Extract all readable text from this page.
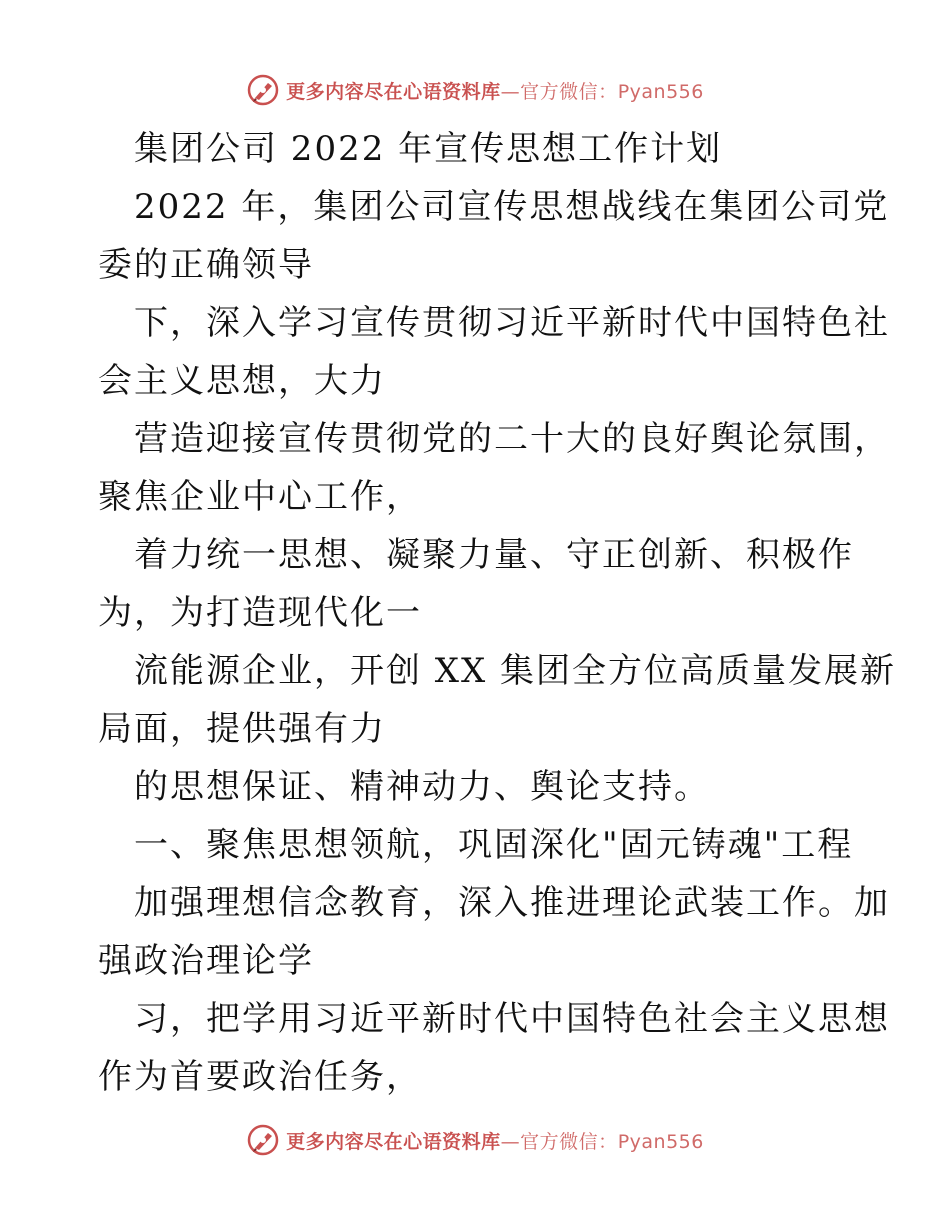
更多内容尽在心语资料库—官方微信：Pyan556
集团公司 2022 年宣传思想工作计划
2022 年，集团公司宣传思想战线在集团公司党
委的正确领导
下，深入学习宣传贯彻习近平新时代中国特色社
会主义思想，大力
营造迎接宣传贯彻党的二十大的良好舆论氛围，
聚焦企业中心工作，
着力统一思想、凝聚力量、守正创新、积极作
为，为打造现代化一
流能源企业，开创 XX 集团全方位高质量发展新
局面，提供强有力
的思想保证、精神动力、舆论支持。
一、聚焦思想领航，巩固深化"固元铸魂"工程
加强理想信念教育，深入推进理论武装工作。加
强政治理论学
习，把学用习近平新时代中国特色社会主义思想
作为首要政治任务，
更多内容尽在心语资料库—官方微信：Pyan556
